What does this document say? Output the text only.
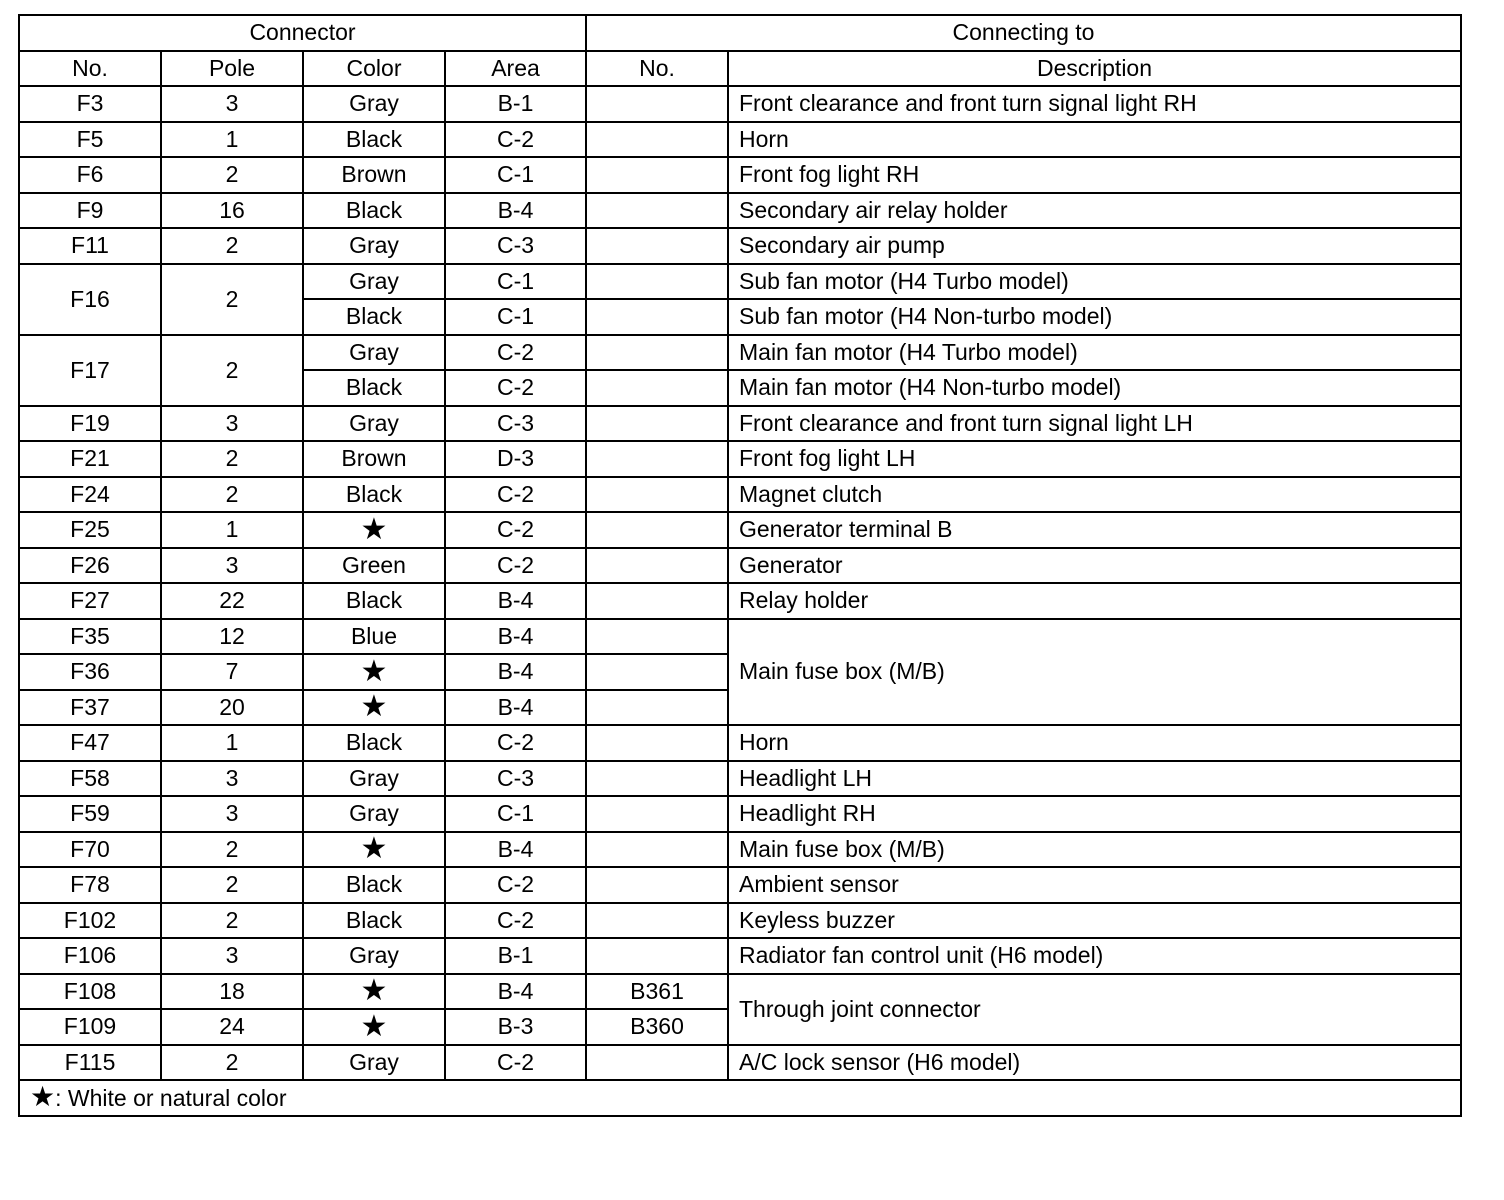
Connector				Connecting to	
No.	Pole	Color	Area	No.	Description
F3	3	Gray	B-1		Front clearance and front turn signal light RH
F5	1	Black	C-2		Horn
F6	2	Brown	C-1		Front fog light RH
F9	16	Black	B-4		Secondary air relay holder
F11	2	Gray	C-3		Secondary air pump
F16	2	Gray	C-1		Sub fan motor (H4 Turbo model)
		Black	C-1		Sub fan motor (H4 Non-turbo model)
F17	2	Gray	C-2		Main fan motor (H4 Turbo model)
		Black	C-2		Main fan motor (H4 Non-turbo model)
F19	3	Gray	C-3		Front clearance and front turn signal light LH
F21	2	Brown	D-3		Front fog light LH
F24	2	Black	C-2		Magnet clutch
F25	1	★	C-2		Generator terminal B
F26	3	Green	C-2		Generator
F27	22	Black	B-4		Relay holder
F35	12	Blue	B-4		Main fuse box (M/B)
F36	7	★	B-4		
F37	20	★	B-4		
F47	1	Black	C-2		Horn
F58	3	Gray	C-3		Headlight LH
F59	3	Gray	C-1		Headlight RH
F70	2	★	B-4		Main fuse box (M/B)
F78	2	Black	C-2		Ambient sensor
F102	2	Black	C-2		Keyless buzzer
F106	3	Gray	B-1		Radiator fan control unit (H6 model)
F108	18	★	B-4	B361	Through joint connector
F109	24	★	B-3	B360	
F115	2	Gray	C-2		A/C lock sensor (H6 model)
★: White or natural color					
